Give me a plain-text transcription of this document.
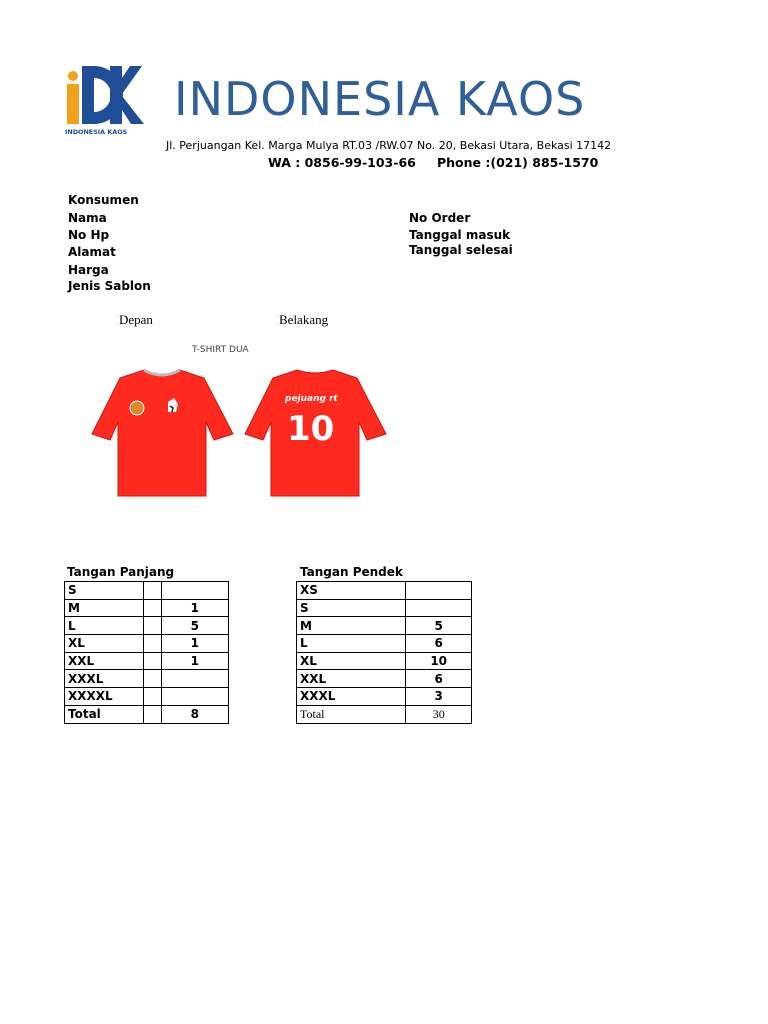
INDONESIA KAOS
INDONESIA KAOS
Jl. Perjuangan Kel. Marga Mulya RT.03 /RW.07 No. 20, Bekasi Utara, Bekasi 17142
WA : 0856-99-103-66 Phone :(021) 885-1570
Konsumen
Nama
No Hp
Alamat
Harga
Jenis Sablon
No Order
Tanggal masuk
Tanggal selesai
Depan	Belakang
T-SHIRT DUA
pejuang rt
10
Tangan Panjang
S		
M		1
L		5
XL		1
XXL		1
XXXL		
XXXXL		
Total		8
Tangan Pendek
XS	
S	
M	5
L	6
XL	10
XXL	6
XXXL	3
Total	30
